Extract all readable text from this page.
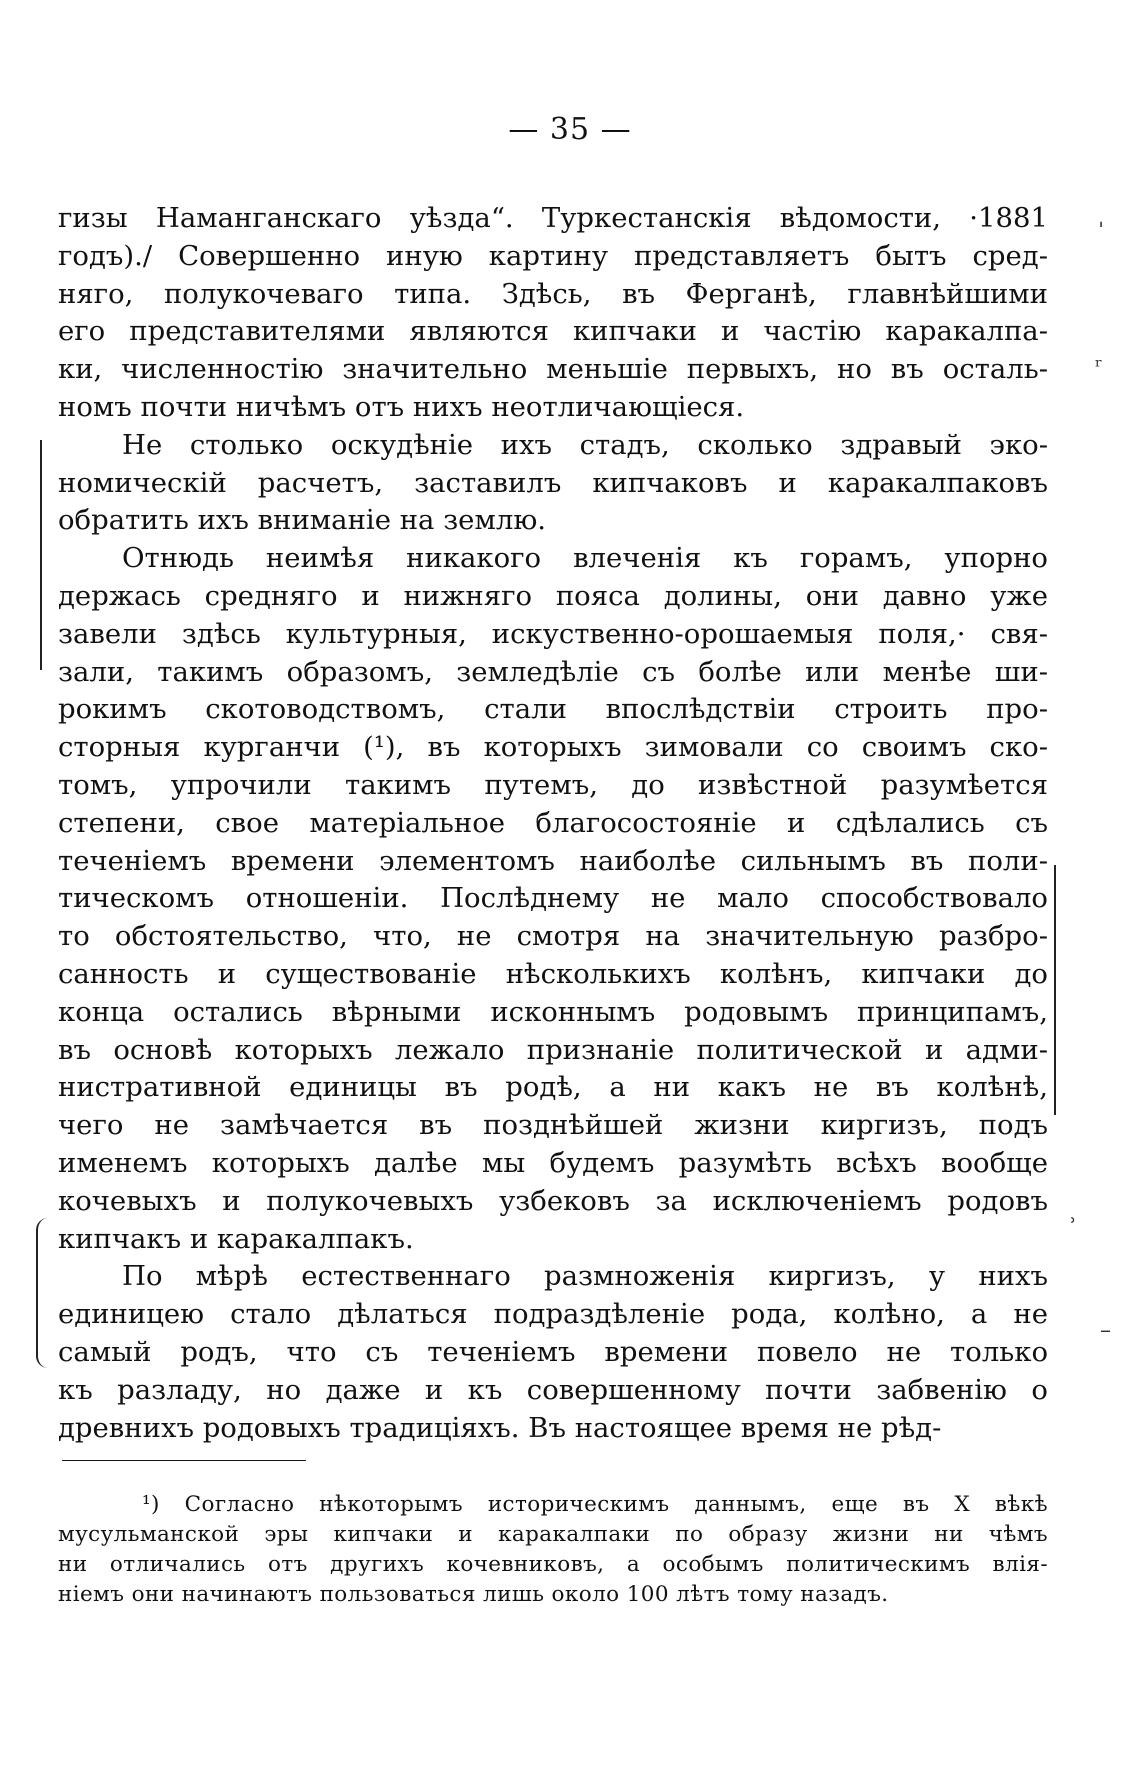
— 35 —
гизы Наманганскаго уѣзда“. Туркестанскія вѣдомости, ·1881
годъ)./ Совершенно иную картину представляетъ бытъ сред-
няго, полукочеваго типа. Здѣсь, въ Ферганѣ, главнѣйшими
его представителями являются кипчаки и частію каракалпа-
ки, численностію значительно меньшіе первыхъ, но въ осталь-
номъ почти ничѣмъ отъ нихъ неотличающіеся.
Не столько оскудѣніе ихъ стадъ, сколько здравый эко-
номическій расчетъ, заставилъ кипчаковъ и каракалпаковъ
обратить ихъ вниманіе на землю.
Отнюдь неимѣя никакого влеченія къ горамъ, упорно
держась средняго и нижняго пояса долины, они давно уже
завели здѣсь культурныя, искуственно-орошаемыя поля,· свя-
зали, такимъ образомъ, земледѣліе съ болѣе или менѣе ши-
рокимъ скотоводствомъ, стали впослѣдствіи строить про-
сторныя курганчи (¹), въ которыхъ зимовали со своимъ ско-
томъ, упрочили такимъ путемъ, до извѣстной разумѣется
степени, свое матеріальное благосостояніе и сдѣлались съ
теченіемъ времени элементомъ наиболѣе сильнымъ въ поли-
тическомъ отношеніи. Послѣднему не мало способствовало
то обстоятельство, что, не смотря на значительную разбро-
санность и существованіе нѣсколькихъ колѣнъ, кипчаки до
конца остались вѣрными исконнымъ родовымъ принципамъ,
въ основѣ которыхъ лежало признаніе политической и адми-
нистративной единицы въ родѣ, а ни какъ не въ колѣнѣ,
чего не замѣчается въ позднѣйшей жизни киргизъ, подъ
именемъ которыхъ далѣе мы будемъ разумѣть всѣхъ вообще
кочевыхъ и полукочевыхъ узбековъ за исключеніемъ родовъ
кипчакъ и каракалпакъ.
По мѣрѣ естественнаго размноженія киргизъ, у нихъ
единицею стало дѣлаться подраздѣленіе рода, колѣно, а не
самый родъ, что съ теченіемъ времени повело не только
къ разладу, но даже и къ совершенному почти забвенію о
древнихъ родовыхъ традиціяхъ. Въ настоящее время не рѣд-
¹) Согласно нѣкоторымъ историческимъ даннымъ, еще въ X вѣкѣ
мусульманской эры кипчаки и каракалпаки по образу жизни ни чѣмъ
ни отличались отъ другихъ кочевниковъ, а особымъ политическимъ влія-
ніемъ они начинаютъ пользоваться лишь около 100 лѣтъ тому назадъ.
ˌ
ʳ
ʾ
–
